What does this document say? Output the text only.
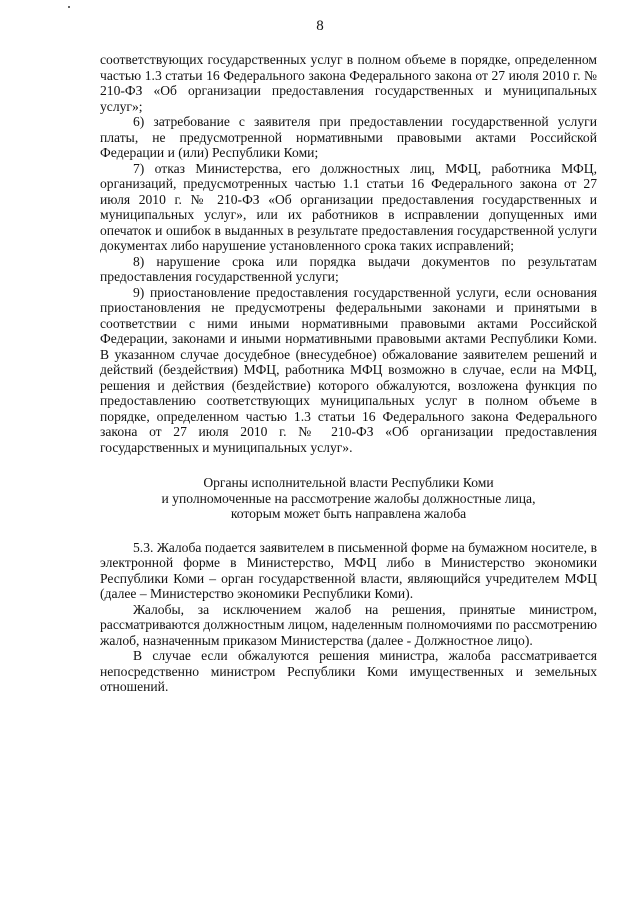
8

соответствующих государственных услуг в полном объеме в порядке, определенном частью 1.3 статьи 16 Федерального закона Федерального закона от 27 июля 2010 г. № 210-ФЗ «Об организации предоставления государственных и муниципальных услуг»;

6) затребование с заявителя при предоставлении государственной услуги платы, не предусмотренной нормативными правовыми актами Российской Федерации и (или) Республики Коми;

7) отказ Министерства, его должностных лиц, МФЦ, работника МФЦ, организаций, предусмотренных частью 1.1 статьи 16 Федерального закона от 27 июля 2010 г. № 210-ФЗ «Об организации предоставления государственных и муниципальных услуг», или их работников в исправлении допущенных ими опечаток и ошибок в выданных в результате предоставления государственной услуги документах либо нарушение установленного срока таких исправлений;

8) нарушение срока или порядка выдачи документов по результатам предоставления государственной услуги;

9) приостановление предоставления государственной услуги, если основания приостановления не предусмотрены федеральными законами и принятыми в соответствии с ними иными нормативными правовыми актами Российской Федерации, законами и иными нормативными правовыми актами Республики Коми. В указанном случае досудебное (внесудебное) обжалование заявителем решений и действий (бездействия) МФЦ, работника МФЦ возможно в случае, если на МФЦ, решения и действия (бездействие) которого обжалуются, возложена функция по предоставлению соответствующих муниципальных услуг в полном объеме в порядке, определенном частью 1.3 статьи 16 Федерального закона Федерального закона от 27 июля 2010 г. № 210-ФЗ «Об организации предоставления государственных и муниципальных услуг».

Органы исполнительной власти Республики Коми
и уполномоченные на рассмотрение жалобы должностные лица,
которым может быть направлена жалоба

5.3. Жалоба подается заявителем в письменной форме на бумажном носителе, в электронной форме в Министерство, МФЦ либо в Министерство экономики Республики Коми – орган государственной власти, являющийся учредителем МФЦ (далее – Министерство экономики Республики Коми).

Жалобы, за исключением жалоб на решения, принятые министром, рассматриваются должностным лицом, наделенным полномочиями по рассмотрению жалоб, назначенным приказом Министерства (далее - Должностное лицо).

В случае если обжалуются решения министра, жалоба рассматривается непосредственно министром Республики Коми имущественных и земельных отношений.
